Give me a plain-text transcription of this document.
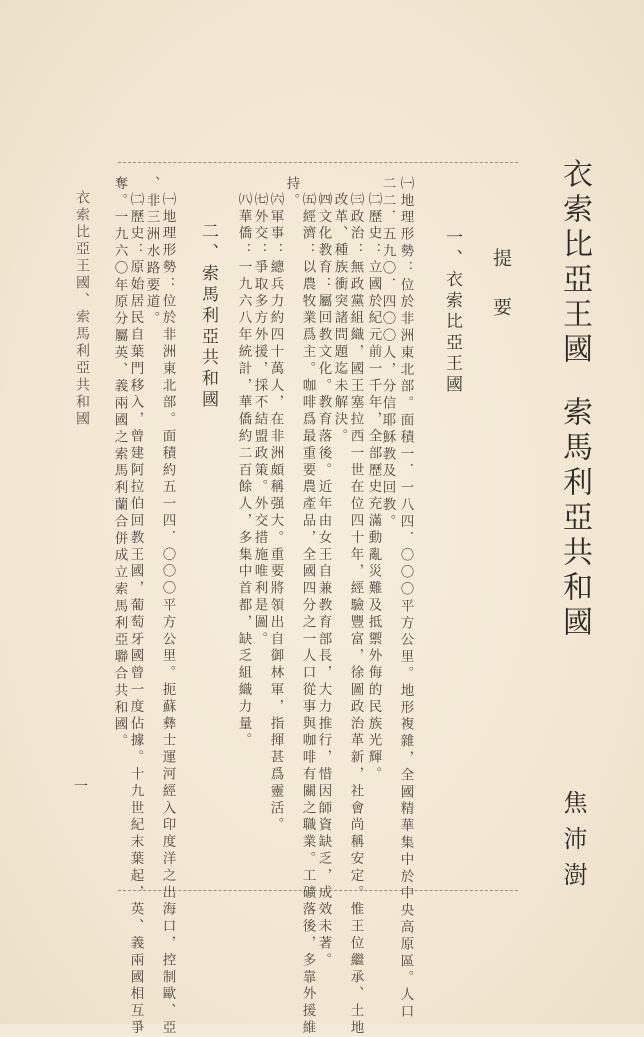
衣索比亞王國索馬利亞共和國
焦沛澍
提要
一、衣索比亞王國
㈠地理形勢：位於非洲東北部。面積一．一八四．〇〇〇平方公里。地形複雜，全國精華集中於中央高原區。人口
二二．五九〇．四〇〇人，分信耶穌教及回教。
㈡歷史：立國於紀元前一千年，全部歷史充滿動亂災難及抵禦外侮的民族光輝。
㈢政治：無政黨組織，國王塞拉西一世在位四十年，經驗豐富，徐圖政治革新，社會尚稱安定。惟王位繼承、土地
改革、種族衝突諸問題迄未解決。
㈣文化教育：屬回教文化。教育落後。近年由女王自兼教育部長，大力推行，惜因師資缺乏，成效未著。
㈤經濟：以農牧業爲主。咖啡爲最重要農產品，全國四分之一人口從事與咖啡有關之職業。工礦落後，多靠外援維
持。
㈥軍事：總兵力約四十萬人，在非洲頗稱强大。重要將領出自御林軍，指揮甚爲靈活。
㈦外交：爭取多方外援，採不結盟政策。外交措施唯利是圖。
㈧華僑：一九六八年統計，華僑約二百餘人，多集中首都，缺乏組織力量。
二、索馬利亞共和國
㈠地理形勢：位於非洲東北部。面積約五一四．〇〇〇平方公里。扼蘇彝士運河經入印度洋之出海口，控制歐、亞
、非三洲水路要道。
㈡歷史：原始居民自葉門移入，曾建阿拉伯回教王國，葡萄牙國曾一度佔據。十九世紀末葉起，英、義兩國相互爭
奪。一九六〇年原分屬英、義兩國之索馬利蘭合併成立索馬利亞聯合共和國。
衣索比亞王國、索馬利亞共和國
一
